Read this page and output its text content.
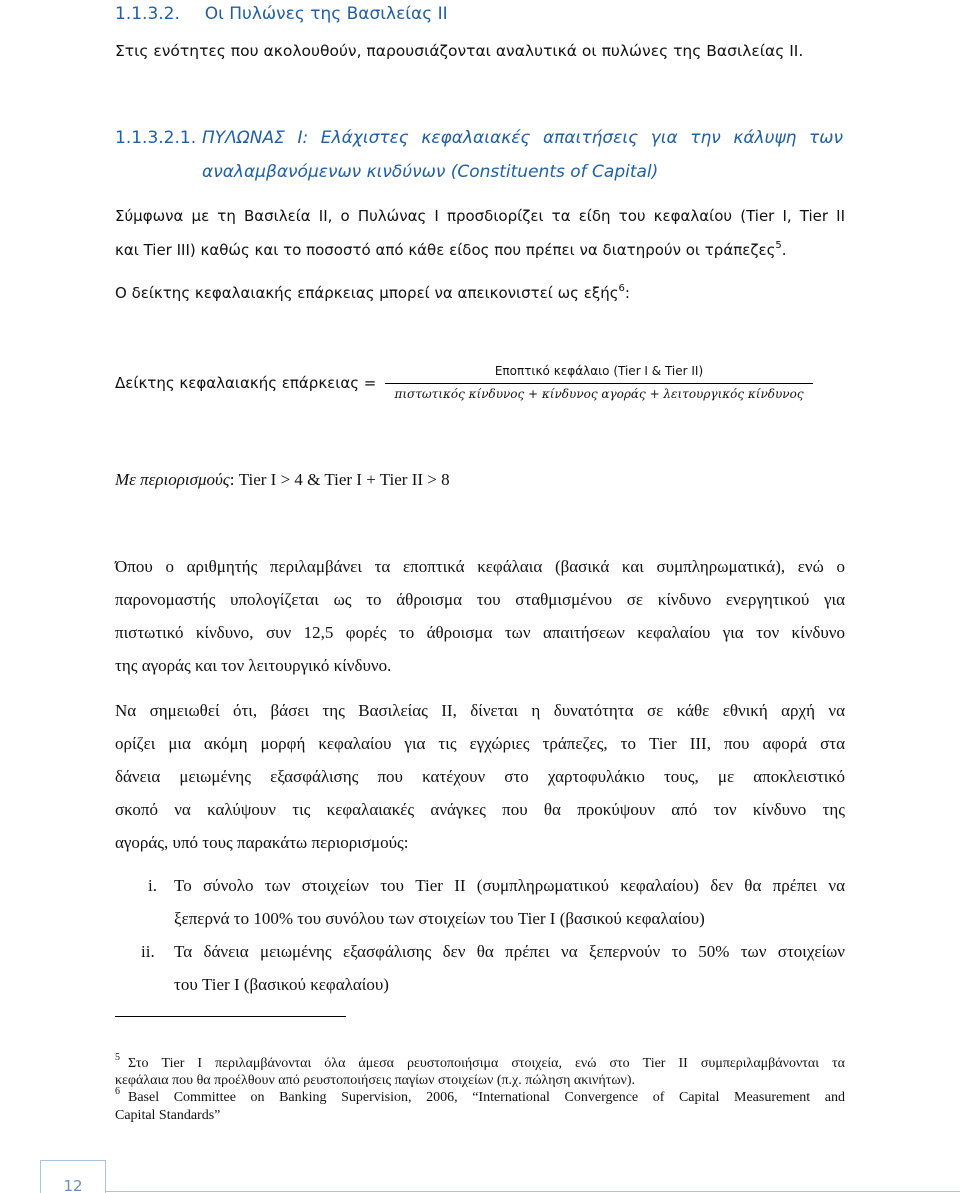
1.1.3.2. Οι Πυλώνες της Βασιλείας ΙΙ
Στις ενότητες που ακολουθούν, παρουσιάζονται αναλυτικά οι πυλώνες της Βασιλείας ΙΙ.
1.1.3.2.1. ΠΥΛΩΝΑΣ Ι: Ελάχιστες κεφαλαιακές απαιτήσεις για την κάλυψη των
αναλαμβανόμενων κινδύνων (Constituents of Capital)
Σύμφωνα με τη Βασιλεία ΙΙ, ο Πυλώνας Ι προσδιορίζει τα είδη του κεφαλαίου (Tier I, Tier II
και Tier III) καθώς και το ποσοστό από κάθε είδος που πρέπει να διατηρούν οι τράπεζες$^5$.
Ο δείκτης κεφαλαιακής επάρκειας μπορεί να απεικονιστεί ως εξής$^6$:
Δείκτης κεφαλαιακής επάρκειας =
Εποπτικό κεφάλαιο (Tier I & Tier II)
πιστωτικός κίνδυνος + κίνδυνος αγοράς + λειτουργικός κίνδυνος
Με περιορισμούς: Tier I > 4 & Tier I + Tier II > 8
Όπου ο αριθμητής περιλαμβάνει τα εποπτικά κεφάλαια (βασικά και συμπληρωματικά), ενώ ο
παρονομαστής υπολογίζεται ως το άθροισμα του σταθμισμένου σε κίνδυνο ενεργητικού για
πιστωτικό κίνδυνο, συν 12,5 φορές το άθροισμα των απαιτήσεων κεφαλαίου για τον κίνδυνο
της αγοράς και τον λειτουργικό κίνδυνο.
Να σημειωθεί ότι, βάσει της Βασιλείας ΙΙ, δίνεται η δυνατότητα σε κάθε εθνική αρχή να
ορίζει μια ακόμη μορφή κεφαλαίου για τις εγχώριες τράπεζες, το Tier III, που αφορά στα
δάνεια μειωμένης εξασφάλισης που κατέχουν στο χαρτοφυλάκιο τους, με αποκλειστικό
σκοπό να καλύψουν τις κεφαλαιακές ανάγκες που θα προκύψουν από τον κίνδυνο της
αγοράς, υπό τους παρακάτω περιορισμούς:
i. Το σύνολο των στοιχείων του Tier II (συμπληρωματικού κεφαλαίου) δεν θα πρέπει να
ξεπερνά το 100% του συνόλου των στοιχείων του Tier I (βασικού κεφαλαίου)
ii. Τα δάνεια μειωμένης εξασφάλισης δεν θα πρέπει να ξεπερνούν το 50% των στοιχείων
του Tier I (βασικού κεφαλαίου)
5 Στο Tier I περιλαμβάνονται όλα άμεσα ρευστοποιήσιμα στοιχεία, ενώ στο Tier II συμπεριλαμβάνονται τα
κεφάλαια που θα προέλθουν από ρευστοποιήσεις παγίων στοιχείων (π.χ. πώληση ακινήτων).
6 Basel Committee on Banking Supervision, 2006, “International Convergence of Capital Measurement and
Capital Standards”
12
